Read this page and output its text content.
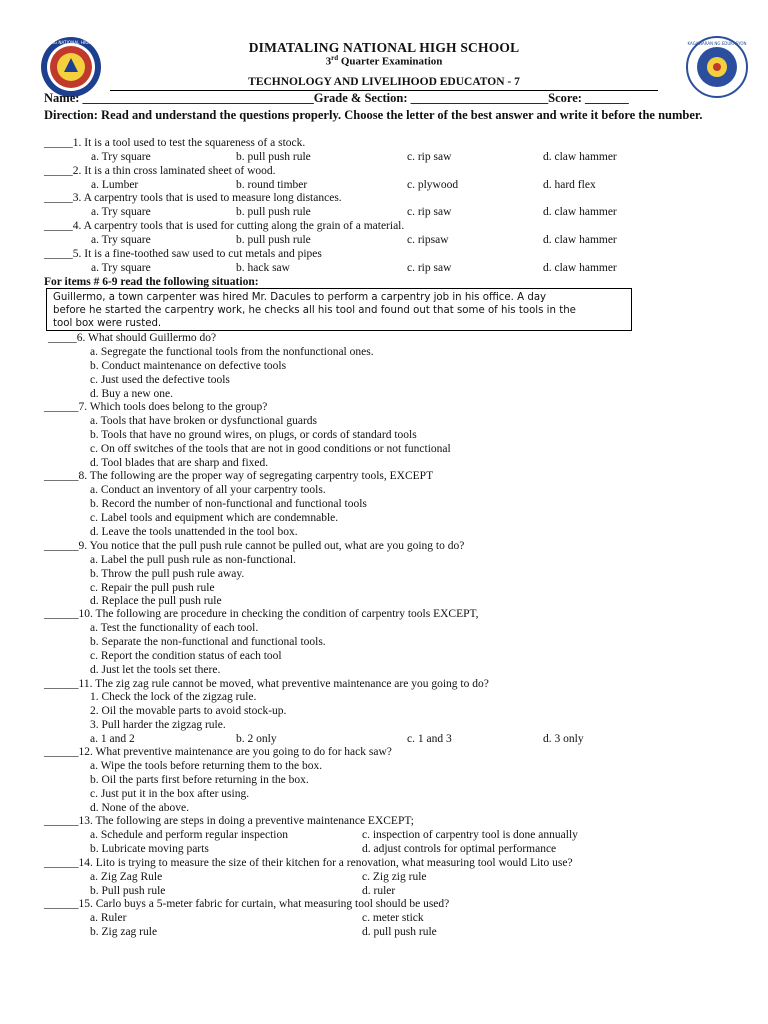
DIMATALING NATIONAL HIGH SCHOOL	KAGAWARAN NG EDUKASYON
DIMATALING NATIONAL HIGH SCHOOL
3rd Quarter Examination
TECHNOLOGY AND LIVELIHOOD EDUCATON - 7
Name: _____________________________________Grade & Section: ______________________Score: _______
Direction: Read and understand the questions properly. Choose the letter of the best answer and write it before the number.
_____1. It is a tool used to test the squareness of a stock.
a. Try square	b. pull push rule	c. rip saw	d. claw hammer
_____2. It is a thin cross laminated sheet of wood.
a. Lumber	b. round timber	c. plywood	d. hard flex
_____3. A carpentry tools that is used to measure long distances.
a. Try square	b. pull push rule	c. rip saw	d. claw hammer
_____4. A carpentry tools that is used for cutting along the grain of a material.
a. Try square	b. pull push rule	c. ripsaw	d. claw hammer
_____5. It is a fine-toothed saw used to cut metals and pipes
a. Try square	b. hack saw	c. rip saw	d. claw hammer
For items # 6-9 read the following situation:
Guillermo, a town carpenter was hired Mr. Dacules to perform a carpentry job in his office. A day
before he started the carpentry work, he checks all his tool and found out that some of his tools in the
tool box were rusted.
_____6. What should Guillermo do?
a. Segregate the functional tools from the nonfunctional ones.
b. Conduct maintenance on defective tools
c. Just used the defective tools
d. Buy a new one.
______7. Which tools does belong to the group?
a. Tools that have broken or dysfunctional guards
b. Tools that have no ground wires, on plugs, or cords of standard tools
c. On off switches of the tools that are not in good conditions or not functional
d. Tool blades that are sharp and fixed.
______8. The following are the proper way of segregating carpentry tools, EXCEPT
a. Conduct an inventory of all your carpentry tools.
b. Record the number of non-functional and functional tools
c. Label tools and equipment which are condemnable.
d. Leave the tools unattended in the tool box.
______9. You notice that the pull push rule cannot be pulled out, what are you going to do?
a. Label the pull push rule as non-functional.
b. Throw the pull push rule away.
c. Repair the pull push rule
d. Replace the pull push rule
______10. The following are procedure in checking the condition of carpentry tools EXCEPT,
a. Test the functionality of each tool.
b. Separate the non-functional and functional tools.
c. Report the condition status of each tool
d. Just let the tools set there.
______11. The zig zag rule cannot be moved, what preventive maintenance are you going to do?
1. Check the lock of the zigzag rule.
2. Oil the movable parts to avoid stock-up.
3. Pull harder the zigzag rule.
a. 1 and 2	b. 2 only	c. 1 and 3	d. 3 only
______12. What preventive maintenance are you going to do for hack saw?
a. Wipe the tools before returning them to the box.
b. Oil the parts first before returning in the box.
c. Just put it in the box after using.
d. None of the above.
______13. The following are steps in doing a preventive maintenance EXCEPT;
a. Schedule and perform regular inspection	c. inspection of carpentry tool is done annually
b. Lubricate moving parts	d. adjust controls for optimal performance
______14. Lito is trying to measure the size of their kitchen for a renovation, what measuring tool would Lito use?
a. Zig Zag Rule	c. Zig zig rule
b. Pull push rule	d. ruler
______15. Carlo buys a 5-meter fabric for curtain, what measuring tool should be used?
a. Ruler	c. meter stick
b. Zig zag rule	d. pull push rule
